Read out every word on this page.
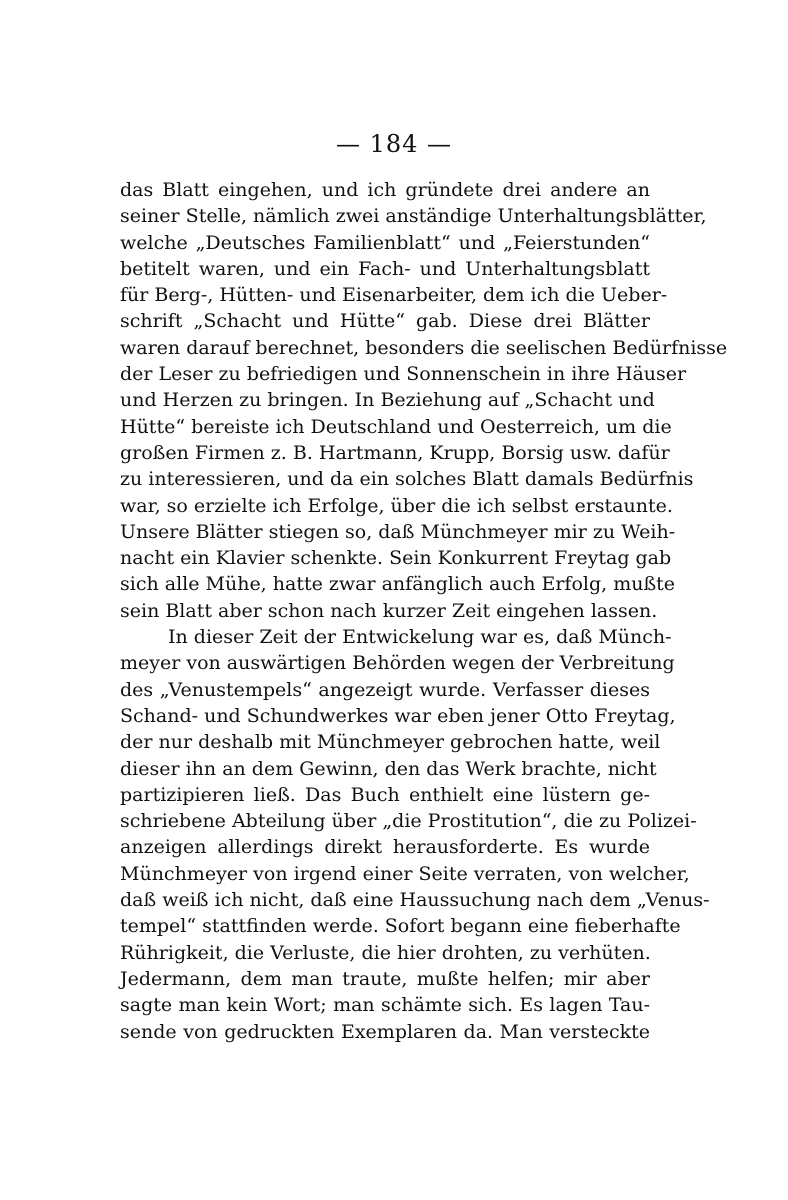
— 184 —
das Blatt eingehen, und ich gründete drei andere an
seiner Stelle, nämlich zwei anständige Unterhaltungsblätter,
welche „Deutsches Familienblatt“ und „Feierstunden“
betitelt waren, und ein Fach- und Unterhaltungsblatt
für Berg-, Hütten- und Eisenarbeiter, dem ich die Ueber-
schrift „Schacht und Hütte“ gab. Diese drei Blätter
waren darauf berechnet, besonders die seelischen Bedürfnisse
der Leser zu befriedigen und Sonnenschein in ihre Häuser
und Herzen zu bringen. In Beziehung auf „Schacht und
Hütte“ bereiste ich Deutschland und Oesterreich, um die
großen Firmen z. B. Hartmann, Krupp, Borsig usw. dafür
zu interessieren, und da ein solches Blatt damals Bedürfnis
war, so erzielte ich Erfolge, über die ich selbst erstaunte.
Unsere Blätter stiegen so, daß Münchmeyer mir zu Weih-
nacht ein Klavier schenkte. Sein Konkurrent Freytag gab
sich alle Mühe, hatte zwar anfänglich auch Erfolg, mußte
sein Blatt aber schon nach kurzer Zeit eingehen lassen.
In dieser Zeit der Entwickelung war es, daß Münch-
meyer von auswärtigen Behörden wegen der Verbreitung
des „Venustempels“ angezeigt wurde. Verfasser dieses
Schand- und Schundwerkes war eben jener Otto Freytag,
der nur deshalb mit Münchmeyer gebrochen hatte, weil
dieser ihn an dem Gewinn, den das Werk brachte, nicht
partizipieren ließ. Das Buch enthielt eine lüstern ge-
schriebene Abteilung über „die Prostitution“, die zu Polizei-
anzeigen allerdings direkt herausforderte. Es wurde
Münchmeyer von irgend einer Seite verraten, von welcher,
daß weiß ich nicht, daß eine Haussuchung nach dem „Venus-
tempel“ stattfinden werde. Sofort begann eine fieberhafte
Rührigkeit, die Verluste, die hier drohten, zu verhüten.
Jedermann, dem man traute, mußte helfen; mir aber
sagte man kein Wort; man schämte sich. Es lagen Tau-
sende von gedruckten Exemplaren da. Man versteckte
